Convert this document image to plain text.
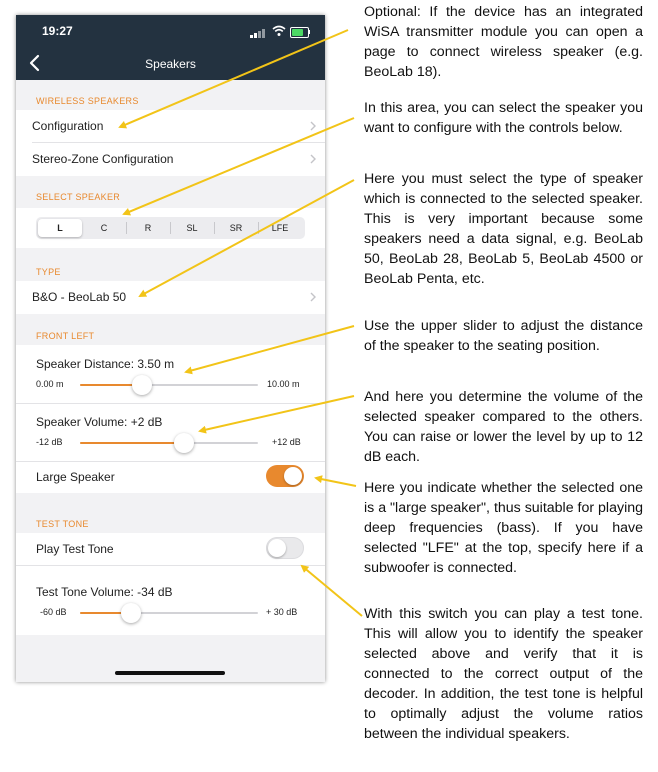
19:27
Speakers
WIRELESS SPEAKERS
Configuration
Stereo-Zone Configuration
SELECT SPEAKER
L	C	R	SL	SR	LFE
TYPE
B&O - BeoLab 50
FRONT LEFT
Speaker Distance: 3.50 m
0.00 m	10.00 m
Speaker Volume: +2 dB
-12 dB	+12 dB
Large Speaker
TEST TONE
Play Test Tone
Test Tone Volume: -34 dB
-60 dB	+ 30 dB
Optional: If the device has an integrated WiSA transmitter module you can open a page to connect wireless speaker (e.g. BeoLab 18).
In this area, you can select the speaker you want to configure with the controls below.
Here you must select the type of speaker which is connected to the selected speaker. This is very important because some speakers need a data signal, e.g. BeoLab 50, BeoLab 28, BeoLab 5, BeoLab 4500 or BeoLab Penta, etc.
Use the upper slider to adjust the distance of the speaker to the seating position.
And here you determine the volume of the selected speaker compared to the others. You can raise or lower the level by up to 12 dB each.
Here you indicate whether the selected one is a "large speaker", thus suitable for playing deep frequencies (bass). If you have selected "LFE" at the top, specify here if a subwoofer is connected.
With this switch you can play a test tone. This will allow you to identify the speaker selected above and verify that it is connected to the correct output of the decoder. In addition, the test tone is helpful to optimally adjust the volume ratios between the individual speakers.
